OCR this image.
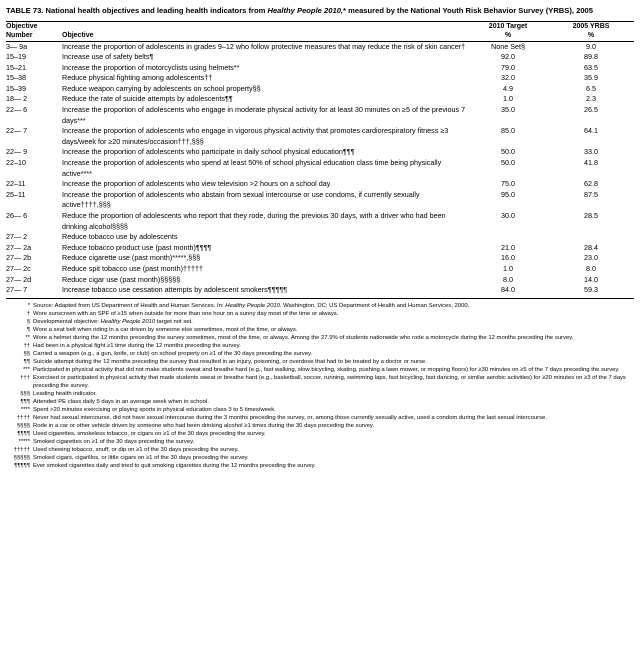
TABLE 73. National health objectives and leading health indicators from Healthy People 2010,* measured by the National Youth Risk Behavior Survey (YRBS), 2005
Objective		2010 Target	2005 YRBS
Number	Objective	%	%
3— 9a	Increase the proportion of adolescents in grades 9–12 who follow protective measures that may reduce the risk of skin cancer†	None Set§	9.0
15–19	Increase use of safety belts¶	92.0	89.8
15–21	Increase the proportion of motorcyclists using helmets**	79.0	63.5
15–38	Reduce physical fighting among adolescents††	32.0	35.9
15–39	Reduce weapon carrying by adolescents on school property§§	4.9	6.5
18— 2	Reduce the rate of suicide attempts by adolescents¶¶	1.0	2.3
22— 6	Increase the proportion of adolescents who engage in moderate physical activity for at least 30 minutes on ≥5 of the previous 7 days***	35.0	26.5
22— 7	Increase the proportion of adolescents who engage in vigorous physical activity that promotes cardiorespiratory fitness ≥3 days/week for ≥20 minutes/occasion†††,§§§	85.0	64.1
22— 9	Increase the proportion of adolescents who participate in daily school physical education¶¶¶	50.0	33.0
22–10	Increase the proportion of adolescents who spend at least 50% of school physical education class time being physically active****	50.0	41.8
22–11	Increase the proportion of adolescents who view television >2 hours on a school day	75.0	62.8
25–11	Increase the proportion of adolescents who abstain from sexual intercourse or use condoms, if currently sexually active††††,§§§	95.0	87.5
26— 6	Reduce the proportion of adolescents who report that they rode, during the previous 30 days, with a driver who had been drinking alcohol§§§§	30.0	28.5
27— 2	Reduce tobacco use by adolescents		
27— 2a	Reduce tobacco product use (past month)¶¶¶¶	21.0	28.4
27— 2b	Reduce cigarette use (past month)*****,§§§	16.0	23.0
27— 2c	Reduce spit tobacco use (past month)†††††	1.0	8.0
27— 2d	Reduce cigar use (past month)§§§§§	8.0	14.0
27— 7	Increase tobacco use cessation attempts by adolescent smokers¶¶¶¶¶	84.0	59.3
* Source: Adapted from US Department of Health and Human Services. In: Healthy People 2010. Washington, DC: US Department of Health and Human Services, 2000.
† Wore sunscreen with an SPF of ≥15 when outside for more than one hour on a sunny day most of the time or always.
§ Developmental objective: Healthy People 2010 target not set.
¶ Wore a seat belt when riding in a car driven by someone else sometimes, most of the time, or always.
** Wore a helmet during the 12 months preceding the survey sometimes, most of the time, or always. Among the 27.9% of students nationwide who rode a motorcycle during the 12 months preceding the survey.
†† Had been in a physical fight ≥1 time during the 12 months preceding the survey.
§§ Carried a weapon (e.g., a gun, knife, or club) on school property on ≥1 of the 30 days preceding the survey.
¶¶ Suicide attempt during the 12 months preceding the survey that resulted in an injury, poisoning, or overdose that had to be treated by a doctor or nurse.
*** Participated in physical activity that did not make students sweat and breathe hard (e.g., fast walking, slow bicycling, skating, pushing a lawn mower, or mopping floors) for ≥30 minutes on ≥5 of the 7 days preceding the survey.
††† Exercised or participated in physical activity that made students sweat or breathe hard (e.g., basketball, soccer, running, swimming laps, fast bicycling, fast dancing, or similar aerobic activities) for ≥20 minutes on ≥3 of the 7 days preceding the survey.
§§§ Leading health indicator.
¶¶¶ Attended PE class daily 5 days in an average week when in school.
**** Spent >20 minutes exercising or playing sports in physical education class 3 to 5 times/week.
†††† Never had sexual intercourse, did not have sexual intercourse during the 3 months preceding the survey, or, among those currently sexually active, used a condom during the last sexual intercourse.
§§§§ Rode in a car or other vehicle driven by someone who had been drinking alcohol ≥1 times during the 30 days preceding the survey.
¶¶¶¶ Used cigarettes, smokeless tobacco, or cigars on ≥1 of the 30 days preceding the survey.
***** Smoked cigarettes on ≥1 of the 30 days preceding the survey.
††††† Used chewing tobacco, snuff, or dip on ≥1 of the 30 days preceding the survey.
§§§§§ Smoked cigars, cigarillos, or little cigars on ≥1 of the 30 days preceding the survey.
¶¶¶¶¶ Ever smoked cigarettes daily and tried to quit smoking cigarettes during the 12 months preceding the survey.
